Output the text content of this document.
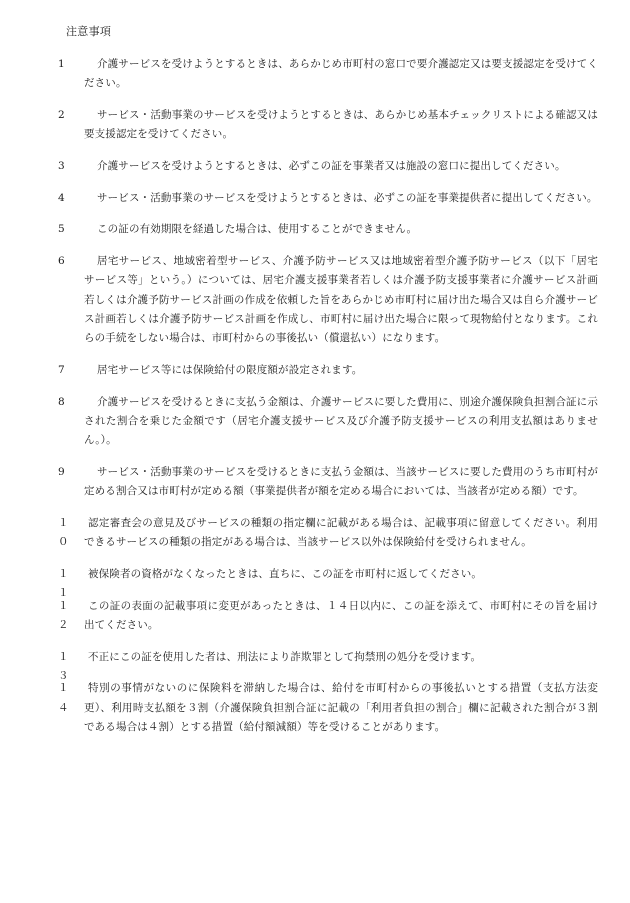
注意事項
1	介護サービスを受けようとするときは、あらかじめ市町村の窓口で要介護認定又は要支援認定を受けてください。
2	サービス・活動事業のサービスを受けようとするときは、あらかじめ基本チェックリストによる確認又は要支援認定を受けてください。
3	介護サービスを受けようとするときは、必ずこの証を事業者又は施設の窓口に提出してください。
4	サービス・活動事業のサービスを受けようとするときは、必ずこの証を事業提供者に提出してください。
5	この証の有効期限を経過した場合は、使用することができません。
6	居宅サービス、地域密着型サービス、介護予防サービス又は地域密着型介護予防サービス（以下「居宅サービス等」という。）については、居宅介護支援事業者若しくは介護予防支援事業者に介護サービス計画若しくは介護予防サービス計画の作成を依頼した旨をあらかじめ市町村に届け出た場合又は自ら介護サービス計画若しくは介護予防サービス計画を作成し、市町村に届け出た場合に限って現物給付となります。これらの手続をしない場合は、市町村からの事後払い（償還払い）になります。
7	居宅サービス等には保険給付の限度額が設定されます。
8	介護サービスを受けるときに支払う金額は、介護サービスに要した費用に、別途介護保険負担割合証に示された割合を乗じた金額です（居宅介護支援サービス及び介護予防支援サービスの利用支払額はありません。）。
9	サービス・活動事業のサービスを受けるときに支払う金額は、当該サービスに要した費用のうち市町村が定める割合又は市町村が定める額（事業提供者が額を定める場合においては、当該者が定める額）です。
１０
認定審査会の意見及びサービスの種類の指定欄に記載がある場合は、記載事項に留意してください。利用できるサービスの種類の指定がある場合は、当該サービス以外は保険給付を受けられません。
１１
被保険者の資格がなくなったときは、直ちに、この証を市町村に返してください。
１２
この証の表面の記載事項に変更があったときは、１４日以内に、この証を添えて、市町村にその旨を届け出てください。
１３
不正にこの証を使用した者は、刑法により詐欺罪として拘禁刑の処分を受けます。
１４
特別の事情がないのに保険料を滞納した場合は、給付を市町村からの事後払いとする措置（支払方法変更）、利用時支払額を３割（介護保険負担割合証に記載の「利用者負担の割合」欄に記載された割合が３割である場合は４割）とする措置（給付額減額）等を受けることがあります。
